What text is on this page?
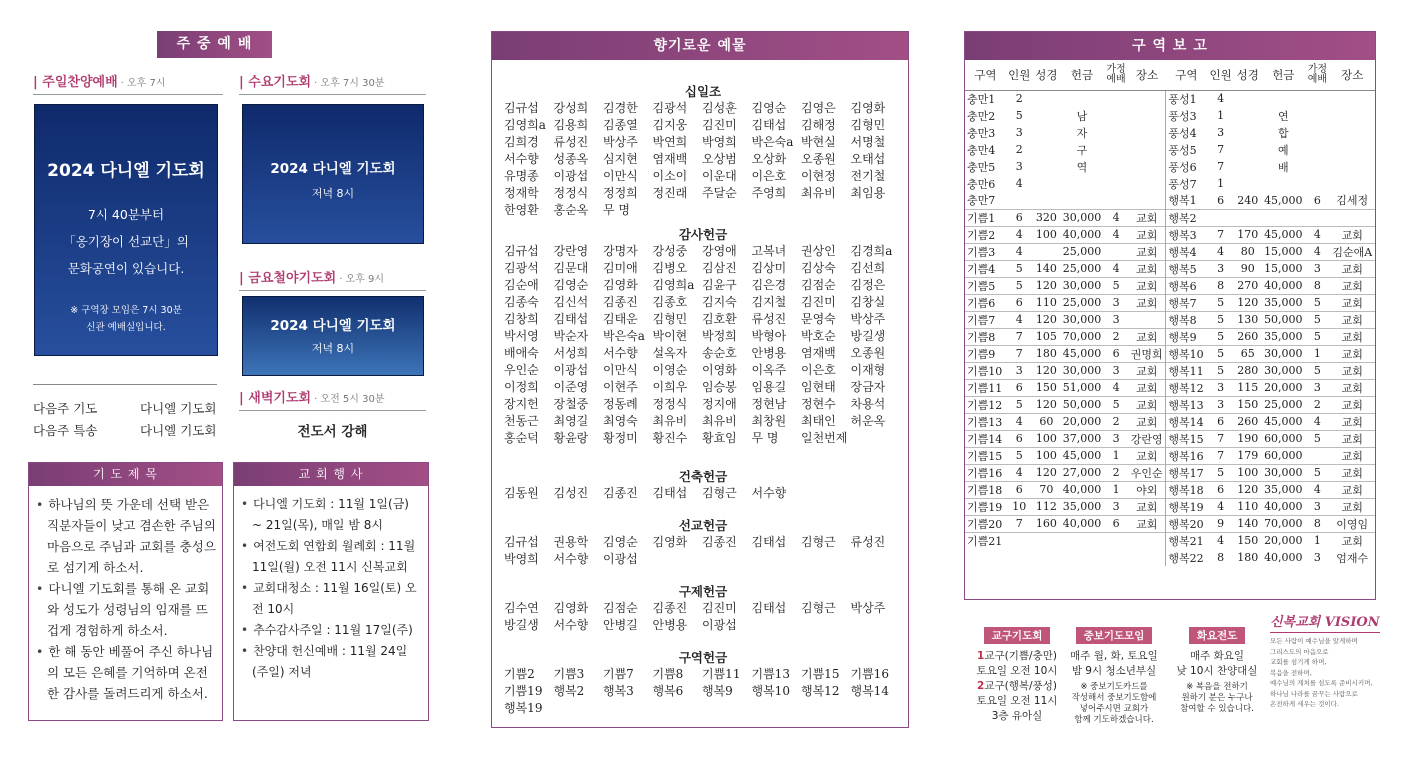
주 중 예 배
| 주일찬양예배 · 오후 7시
2024 다니엘 기도회
7시 40분부터
「옹기장이 선교단」의
문화공연이 있습니다.
※ 구역장 모임은 7시 30분
신관 예배실입니다.
| 수요기도회 · 오후 7시 30분
2024 다니엘 기도회
저녁 8시
| 금요철야기도회 · 오후 9시
2024 다니엘 기도회
저녁 8시
| 새벽기도회 · 오전 5시 30분
전도서 강해
다음주 기도	다니엘 기도회
다음주 특송	다니엘 기도회
기 도 제 목
• 하나님의 뜻 가운데 선택 받은 직분자들이 낮고 겸손한 주님의 마음으로 주님과 교회를 충성으로 섬기게 하소서.
• 다니엘 기도회를 통해 온 교회와 성도가 성령님의 임재를 뜨겁게 경험하게 하소서.
• 한 해 동안 베풀어 주신 하나님의 모든 은혜를 기억하며 온전한 감사를 돌려드리게 하소서.
교 회 행 사
• 다니엘 기도회 : 11월 1일(금) ~ 21일(목), 매일 밤 8시
• 여전도회 연합회 월례회 : 11월 11일(월) 오전 11시 신복교회
• 교회대청소 : 11월 16일(토) 오전 10시
• 추수감사주일 : 11월 17일(주)
• 찬양대 헌신예배 : 11월 24일(주일) 저녁
향기로운 예물
십일조
김규섭 강성희 김경한 김광석 김성훈 김영순 김영은 김영화김영희a 김용희 김종열 김지웅 김진미 김태섭 김해정 김형민김희경 류성진 박상주 박연희 박영희 박은숙a 박현실 서명철서수향 성종옥 심지현 염재백 오상범 오상화 오종원 오태섭유명종 이광섭 이만식 이소이 이운대 이은호 이현정 전기철정재학 정정식 정정희 정진래 주달순 주영희 최유비 최임용한영환 홍순옥 무 명
감사헌금
김규섭 강란영 강명자 강성중 강영애 고복녀 권상인 김경희a김광석 김문대 김미애 김병오 김삼진 김상미 김상숙 김선희김순애 김영순 김영화 김영희a 김윤구 김은경 김점순 김정은김종숙 김신석 김종진 김종호 김지숙 김지철 김진미 김창실김창희 김태섭 김태운 김형민 김호환 류성진 문영숙 박상주박서영 박순자 박은숙a 박이현 박정희 박형아 박호순 방길생배애숙 서성희 서수향 설옥자 송순호 안병용 염재백 오종원우인순 이광섭 이만식 이영순 이영화 이옥주 이은호 이재형이정희 이준영 이현주 이희우 임승봉 임용길 임현태 장금자장지헌 장철중 정동례 정정식 정지애 정현남 정현수 차용석천동근 최영길 최영숙 최유비 최유비 최창원 최태인 허운옥홍순덕 황윤랑 황정미 황진수 황효임 무 명 일천번제
건축헌금
김동원 김성진 김종진 김태섭 김형근 서수향
선교헌금
김규섭 권용학 김영순 김영화 김종진 김태섭 김형근 류성진박영희 서수향 이광섭
구제헌금
김수연 김영화 김점순 김종진 김진미 김태섭 김형근 박상주방길생 서수향 안병길 안병용 이광섭
구역헌금
기쁨2 기쁨3 기쁨7 기쁨8 기쁨11 기쁨13 기쁨15 기쁨16기쁨19 행복2 행복3 행복6 행복9 행복10 행복12 행복14행복19
구 역 보 고
구역	인원	성경	헌금	가정
예배	장소	구역	인원	성경	헌금	가정
예배	장소
충만1	2					풍성1	4				
충만2	5		남			풍성3	1		연		
충만3	3		자			풍성4	3		합		
충만4	2		구			풍성5	7		예		
충만5	3		역			풍성6	7		배		
충만6	4					풍성7	1				
충만7						행복1	6	240	45,000	6	김세정
기쁨1	6	320	30,000	4	교회	행복2					
기쁨2	4	100	40,000	4	교회	행복3	7	170	45,000	4	교회
기쁨3	4		25,000		교회	행복4	4	80	15,000	4	김순애A
기쁨4	5	140	25,000	4	교회	행복5	3	90	15,000	3	교회
기쁨5	5	120	30,000	5	교회	행복6	8	270	40,000	8	교회
기쁨6	6	110	25,000	3	교회	행복7	5	120	35,000	5	교회
기쁨7	4	120	30,000	3		행복8	5	130	50,000	5	교회
기쁨8	7	105	70,000	2	교회	행복9	5	260	35,000	5	교회
기쁨9	7	180	45,000	6	권명희	행복10	5	65	30,000	1	교회
기쁨10	3	120	30,000	3	교회	행복11	5	280	30,000	5	교회
기쁨11	6	150	51,000	4	교회	행복12	3	115	20,000	3	교회
기쁨12	5	120	50,000	5	교회	행복13	3	150	25,000	2	교회
기쁨13	4	60	20,000	2	교회	행복14	6	260	45,000	4	교회
기쁨14	6	100	37,000	3	강란영	행복15	7	190	60,000	5	교회
기쁨15	5	100	45,000	1	교회	행복16	7	179	60,000		교회
기쁨16	4	120	27,000	2	우인순	행복17	5	100	30,000	5	교회
기쁨18	6	70	40,000	1	야외	행복18	6	120	35,000	4	교회
기쁨19	10	112	35,000	3	교회	행복19	4	110	40,000	3	교회
기쁨20	7	160	40,000	6	교회	행복20	9	140	70,000	8	이영임
기쁨21						행복21	4	150	20,000	1	교회
						행복22	8	180	40,000	3	엄재수
교구기도회
1교구(기쁨/충만)
토요일 오전 10시
2교구(행복/풍성)
토요일 오전 11시
3층 유아실
중보기도모임
매주 월, 화, 토요일
밤 9시 청소년부실
※ 중보기도카드를
작성해서 중보기도함에
넣어주시면 교회가
함께 기도하겠습니다.
화요전도
매주 화요일
낮 10시 찬양대실
※ 복음을 전하기
원하기 분은 누구나
참여할 수 있습니다.
신복교회 VISION
모든 사람이 예수님을 알게하며
그리스도의 마음으로
교회를 섬기게 하며,
복음을 전하며,
예수님의 계처를 섬도록 준비시키며,
하나님 나라를 꿈꾸는 사람으로
온전하게 세우는 것이다.
